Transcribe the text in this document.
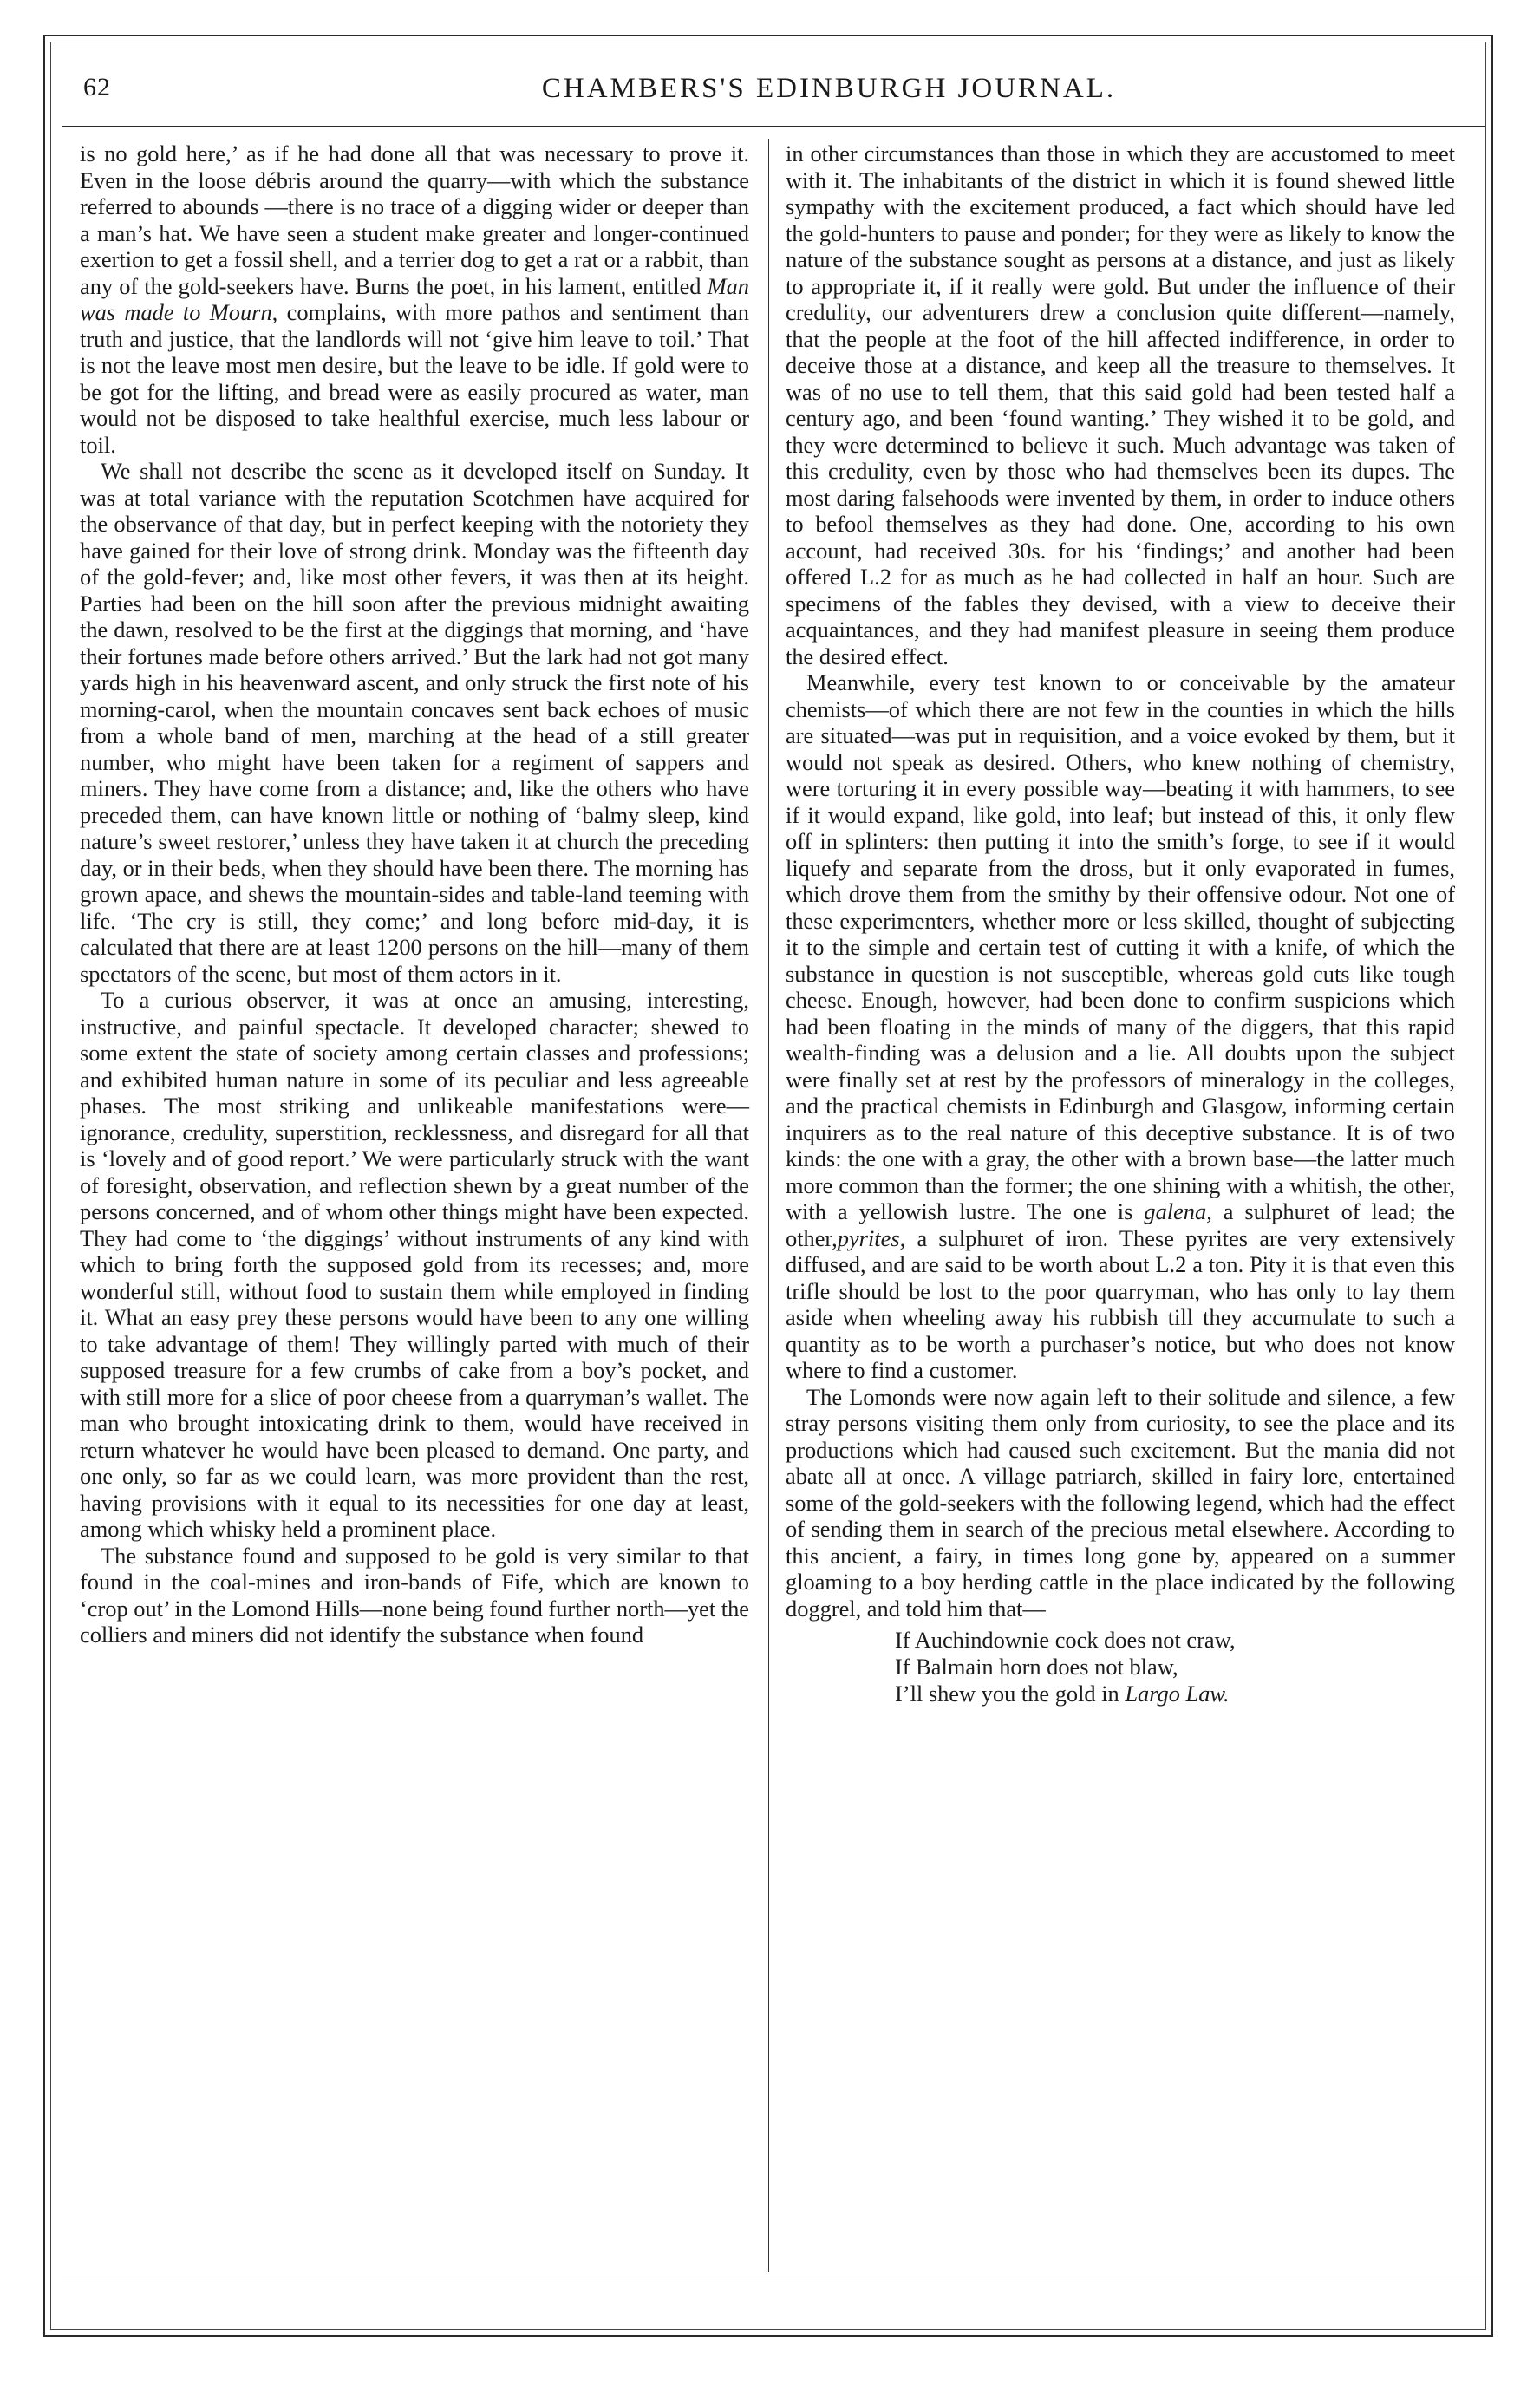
62	CHAMBERS'S EDINBURGH JOURNAL.

is no gold here,’ as if he had done all that was necessary to prove it. Even in the loose débris around the quarry—with which the substance referred to abounds —there is no trace of a digging wider or deeper than a man’s hat. We have seen a student make greater and longer-continued exertion to get a fossil shell, and a terrier dog to get a rat or a rabbit, than any of the gold-seekers have. Burns the poet, in his lament, entitled Man was made to Mourn, complains, with more pathos and sentiment than truth and justice, that the landlords will not ‘give him leave to toil.’ That is not the leave most men desire, but the leave to be idle. If gold were to be got for the lifting, and bread were as easily procured as water, man would not be disposed to take healthful exercise, much less labour or toil.

We shall not describe the scene as it developed itself on Sunday. It was at total variance with the reputation Scotchmen have acquired for the observance of that day, but in perfect keeping with the notoriety they have gained for their love of strong drink. Monday was the fifteenth day of the gold-fever; and, like most other fevers, it was then at its height. Parties had been on the hill soon after the previous midnight awaiting the dawn, resolved to be the first at the diggings that morning, and ‘have their fortunes made before others arrived.’ But the lark had not got many yards high in his heavenward ascent, and only struck the first note of his morning-carol, when the mountain concaves sent back echoes of music from a whole band of men, marching at the head of a still greater number, who might have been taken for a regiment of sappers and miners. They have come from a distance; and, like the others who have preceded them, can have known little or nothing of ‘balmy sleep, kind nature’s sweet restorer,’ unless they have taken it at church the preceding day, or in their beds, when they should have been there. The morning has grown apace, and shews the mountain-sides and table-land teeming with life. ‘The cry is still, they come;’ and long before mid-day, it is calculated that there are at least 1200 persons on the hill—many of them spectators of the scene, but most of them actors in it.

To a curious observer, it was at once an amusing, interesting, instructive, and painful spectacle. It developed character; shewed to some extent the state of society among certain classes and professions; and exhibited human nature in some of its peculiar and less agreeable phases. The most striking and unlikeable manifestations were—ignorance, credulity, superstition, recklessness, and disregard for all that is ‘lovely and of good report.’ We were particularly struck with the want of foresight, observation, and reflection shewn by a great number of the persons concerned, and of whom other things might have been expected. They had come to ‘the diggings’ without instruments of any kind with which to bring forth the supposed gold from its recesses; and, more wonderful still, without food to sustain them while employed in finding it. What an easy prey these persons would have been to any one willing to take advantage of them! They willingly parted with much of their supposed treasure for a few crumbs of cake from a boy’s pocket, and with still more for a slice of poor cheese from a quarryman’s wallet. The man who brought intoxicating drink to them, would have received in return whatever he would have been pleased to demand. One party, and one only, so far as we could learn, was more provident than the rest, having provisions with it equal to its necessities for one day at least, among which whisky held a prominent place.

The substance found and supposed to be gold is very similar to that found in the coal-mines and iron-bands of Fife, which are known to ‘crop out’ in the Lomond Hills—none being found further north—yet the colliers and miners did not identify the substance when found

in other circumstances than those in which they are accustomed to meet with it. The inhabitants of the district in which it is found shewed little sympathy with the excitement produced, a fact which should have led the gold-hunters to pause and ponder; for they were as likely to know the nature of the substance sought as persons at a distance, and just as likely to appropriate it, if it really were gold. But under the influence of their credulity, our adventurers drew a conclusion quite different—namely, that the people at the foot of the hill affected indifference, in order to deceive those at a distance, and keep all the treasure to themselves. It was of no use to tell them, that this said gold had been tested half a century ago, and been ‘found wanting.’ They wished it to be gold, and they were determined to believe it such. Much advantage was taken of this credulity, even by those who had themselves been its dupes. The most daring falsehoods were invented by them, in order to induce others to befool themselves as they had done. One, according to his own account, had received 30s. for his ‘findings;’ and another had been offered L.2 for as much as he had collected in half an hour. Such are specimens of the fables they devised, with a view to deceive their acquaintances, and they had manifest pleasure in seeing them produce the desired effect.

Meanwhile, every test known to or conceivable by the amateur chemists—of which there are not few in the counties in which the hills are situated—was put in requisition, and a voice evoked by them, but it would not speak as desired. Others, who knew nothing of chemistry, were torturing it in every possible way—beating it with hammers, to see if it would expand, like gold, into leaf; but instead of this, it only flew off in splinters: then putting it into the smith’s forge, to see if it would liquefy and separate from the dross, but it only evaporated in fumes, which drove them from the smithy by their offensive odour. Not one of these experimenters, whether more or less skilled, thought of subjecting it to the simple and certain test of cutting it with a knife, of which the substance in question is not susceptible, whereas gold cuts like tough cheese. Enough, however, had been done to confirm suspicions which had been floating in the minds of many of the diggers, that this rapid wealth-finding was a delusion and a lie. All doubts upon the subject were finally set at rest by the professors of mineralogy in the colleges, and the practical chemists in Edinburgh and Glasgow, informing certain inquirers as to the real nature of this deceptive substance. It is of two kinds: the one with a gray, the other with a brown base—the latter much more common than the former; the one shining with a whitish, the other, with a yellowish lustre. The one is galena, a sulphuret of lead; the other,pyrites, a sulphuret of iron. These pyrites are very extensively diffused, and are said to be worth about L.2 a ton. Pity it is that even this trifle should be lost to the poor quarryman, who has only to lay them aside when wheeling away his rubbish till they accumulate to such a quantity as to be worth a purchaser’s notice, but who does not know where to find a customer.

The Lomonds were now again left to their solitude and silence, a few stray persons visiting them only from curiosity, to see the place and its productions which had caused such excitement. But the mania did not abate all at once. A village patriarch, skilled in fairy lore, entertained some of the gold-seekers with the following legend, which had the effect of sending them in search of the precious metal elsewhere. According to this ancient, a fairy, in times long gone by, appeared on a summer gloaming to a boy herding cattle in the place indicated by the following doggrel, and told him that—

If Auchindownie cock does not craw,
If Balmain horn does not blaw,
I’ll shew you the gold in Largo Law.
